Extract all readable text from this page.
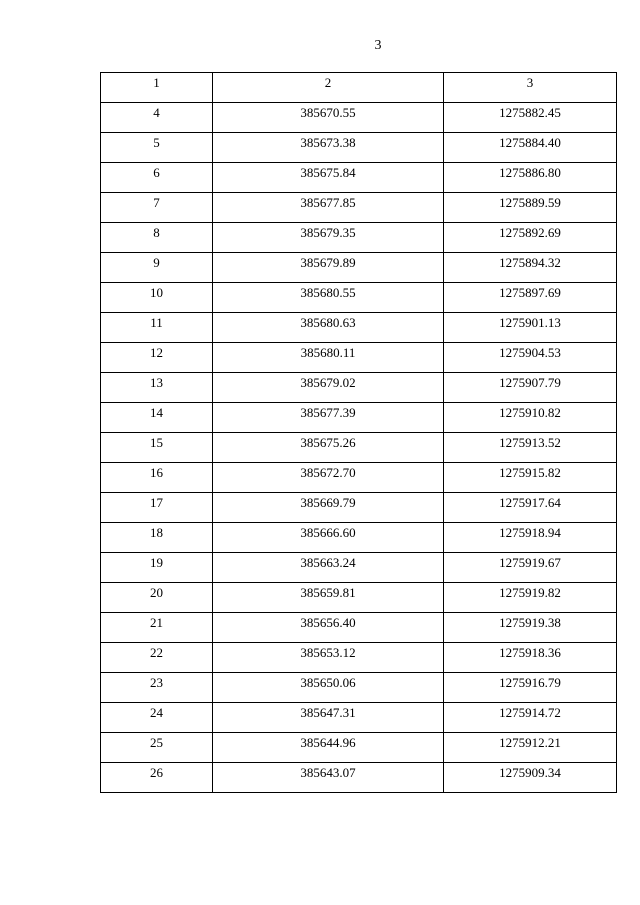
3
1	2	3
4	385670.55	1275882.45
5	385673.38	1275884.40
6	385675.84	1275886.80
7	385677.85	1275889.59
8	385679.35	1275892.69
9	385679.89	1275894.32
10	385680.55	1275897.69
11	385680.63	1275901.13
12	385680.11	1275904.53
13	385679.02	1275907.79
14	385677.39	1275910.82
15	385675.26	1275913.52
16	385672.70	1275915.82
17	385669.79	1275917.64
18	385666.60	1275918.94
19	385663.24	1275919.67
20	385659.81	1275919.82
21	385656.40	1275919.38
22	385653.12	1275918.36
23	385650.06	1275916.79
24	385647.31	1275914.72
25	385644.96	1275912.21
26	385643.07	1275909.34
